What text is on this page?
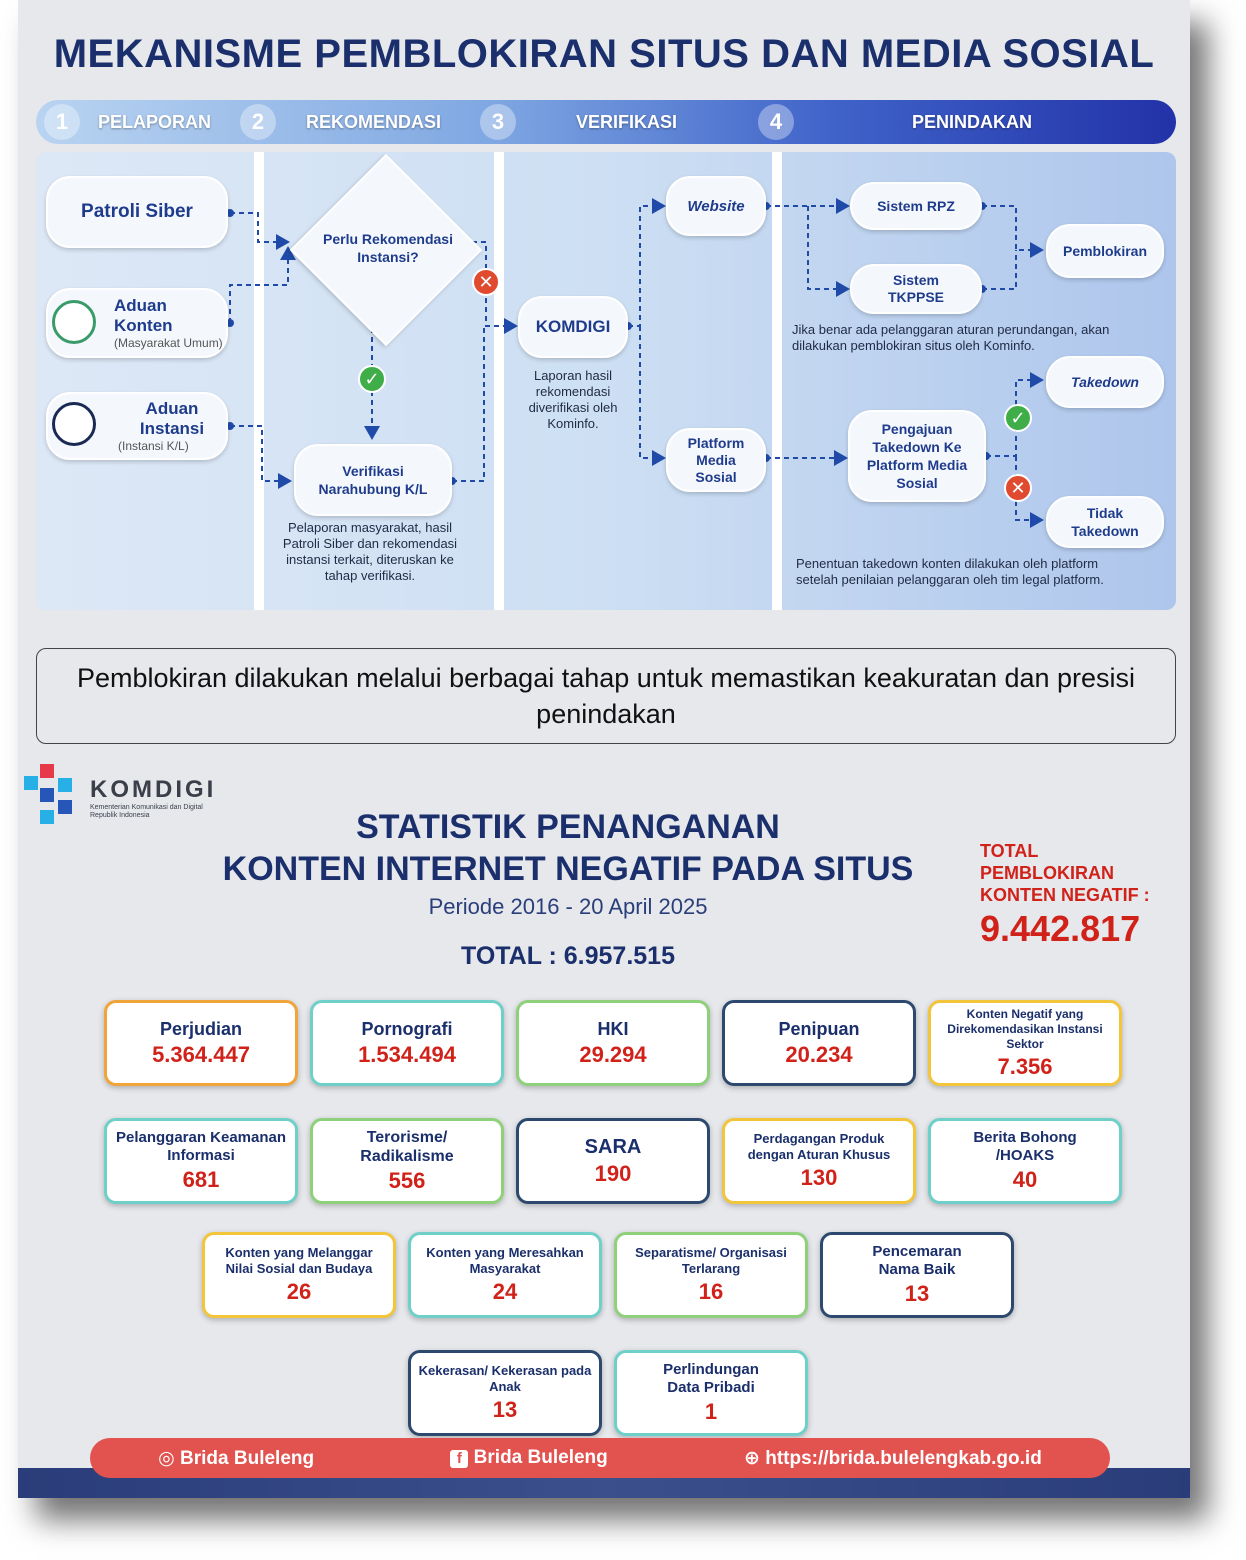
MEKANISME PEMBLOKIRAN SITUS DAN MEDIA SOSIAL
1	PELAPORAN	2	REKOMENDASI	3	VERIFIKASI	4	PENINDAKAN
Patroli Siber
Aduan Konten
(Masyarakat Umum)
Aduan Instansi
(Instansi K/L)
Perlu Rekomendasi Instansi?
✕
✓
Verifikasi Narahubung K/L
Pelaporan masyarakat, hasil Patroli Siber dan rekomendasi instansi terkait, diteruskan ke tahap verifikasi.
KOMDIGI
Laporan hasil rekomendasi diverifikasi oleh Kominfo.
Website
Platform Media Sosial
Sistem RPZ
Sistem TKPPSE
Pemblokiran
Jika benar ada pelanggaran aturan perundangan, akan dilakukan pemblokiran situs oleh Kominfo.
Pengajuan Takedown Ke Platform Media Sosial
✓
✕
Takedown
Tidak Takedown
Penentuan takedown konten dilakukan oleh platform setelah penilaian pelanggaran oleh tim legal platform.
Pemblokiran dilakukan melalui berbagai tahap untuk memastikan keakuratan dan presisi penindakan
KOMDIGI
Kementerian Komunikasi dan Digital Republik Indonesia	STATISTIK PENANGANAN
KONTEN INTERNET NEGATIF PADA SITUS
Periode 2016 - 20 April 2025
TOTAL : 6.957.515
TOTAL PEMBLOKIRAN KONTEN NEGATIF :
9.442.817
Perjudian
5.364.447
Pornografi
1.534.494
HKI
29.294
Penipuan
20.234
Konten Negatif yang Direkomendasikan Instansi Sektor
7.356
Pelanggaran Keamanan Informasi
681
Terorisme/ Radikalisme
556
SARA
190
Perdagangan Produk dengan Aturan Khusus
130
Berita Bohong /HOAKS
40
Konten yang Melanggar Nilai Sosial dan Budaya
26
Konten yang Meresahkan Masyarakat
24
Separatisme/ Organisasi Terlarang
16
Pencemaran Nama Baik
13
Kekerasan/ Kekerasan pada Anak
13
Perlindungan Data Pribadi
1
◎ Brida Buleleng	f Brida Buleleng	⊕ https://brida.bulelengkab.go.id
